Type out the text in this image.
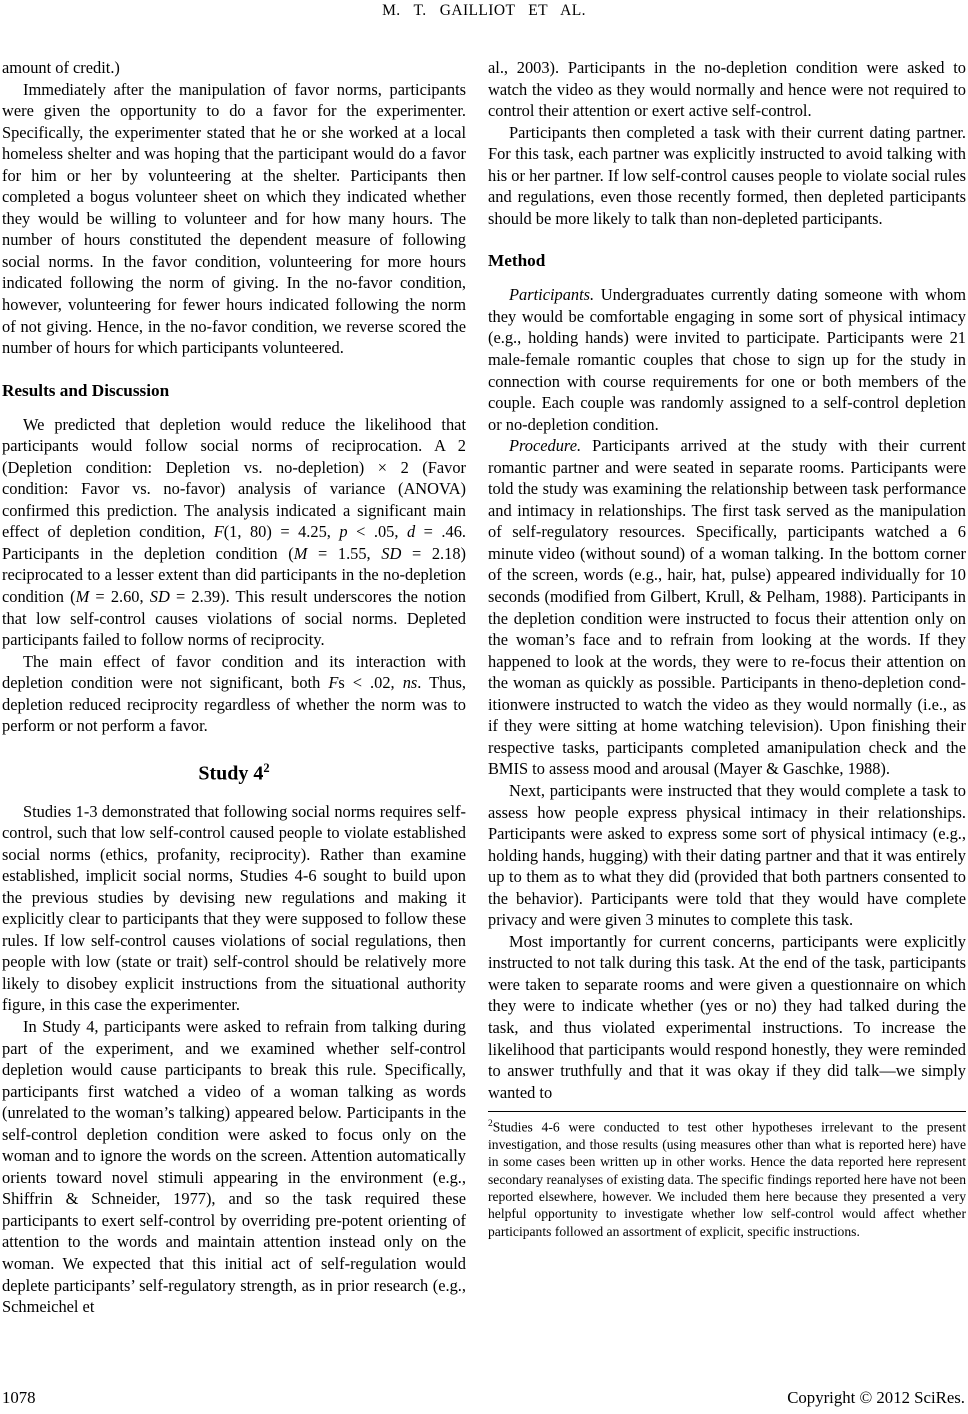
M. T. GAILLIOT ET AL.

amount of credit.)

Immediately after the manipulation of favor norms, participants were given the opportunity to do a favor for the experimenter. Specifically, the experimenter stated that he or she worked at a local homeless shelter and was hoping that the participant would do a favor for him or her by volunteering at the shelter. Participants then completed a bogus volunteer sheet on which they indicated whether they would be willing to volunteer and for how many hours. The number of hours constituted the dependent measure of following social norms. In the favor condition, volunteering for more hours indicated following the norm of giving. In the no-favor condition, however, volunteering for fewer hours indicated following the norm of not giving. Hence, in the no-favor condition, we reverse scored the number of hours for which participants volunteered.

Results and Discussion

We predicted that depletion would reduce the likelihood that participants would follow social norms of reciprocation. A 2 (Depletion condition: Depletion vs. no-depletion) × 2 (Favor condition: Favor vs. no-favor) analysis of variance (ANOVA) confirmed this prediction. The analysis indicated a significant main effect of depletion condition, F(1, 80) = 4.25, p < .05, d = .46. Participants in the depletion condition (M = 1.55, SD = 2.18) reciprocated to a lesser extent than did participants in the no-depletion condition (M = 2.60, SD = 2.39). This result underscores the notion that low self-control causes violations of social norms. Depleted participants failed to follow norms of reciprocity.

The main effect of favor condition and its interaction with depletion condition were not significant, both Fs < .02, ns. Thus, depletion reduced reciprocity regardless of whether the norm was to perform or not perform a favor.

Study $4^2$

Studies 1-3 demonstrated that following social norms requires self-control, such that low self-control caused people to violate established social norms (ethics, profanity, reciprocity). Rather than examine established, implicit social norms, Studies 4-6 sought to build upon the previous studies by devising new regulations and making it explicitly clear to participants that they were supposed to follow these rules. If low self-control causes violations of social regulations, then people with low (state or trait) self-control should be relatively more likely to disobey explicit instructions from the situational authority figure, in this case the experimenter.

In Study 4, participants were asked to refrain from talking during part of the experiment, and we examined whether self-control depletion would cause participants to break this rule. Specifically, participants first watched a video of a woman talking as words (unrelated to the woman’s talking) appeared below. Participants in the self-control depletion condition were asked to focus only on the woman and to ignore the words on the screen. Attention automatically orients toward novel stimuli appearing in the environment (e.g., Shiffrin & Schneider, 1977), and so the task required these participants to exert self-control by overriding pre-potent orienting of attention to the words and maintain attention instead only on the woman. We expected that this initial act of self-regulation would deplete participants’ self-regulatory strength, as in prior research (e.g., Schmeichel et

al., 2003). Participants in the no-depletion condition were asked to watch the video as they would normally and hence were not required to control their attention or exert active self-control.

Participants then completed a task with their current dating partner. For this task, each partner was explicitly instructed to avoid talking with his or her partner. If low self-control causes people to violate social rules and regulations, even those recently formed, then depleted participants should be more likely to talk than non-depleted participants.

Method

Participants. Undergraduates currently dating someone with whom they would be comfortable engaging in some sort of physical intimacy (e.g., holding hands) were invited to participate. Participants were 21 male-female romantic couples that chose to sign up for the study in connection with course requirements for one or both members of the couple. Each couple was randomly assigned to a self-control depletion or no-depletion condition.

Procedure. Participants arrived at the study with their current romantic partner and were seated in separate rooms. Participants were told the study was examining the relationship between task performance and intimacy in relationships. The first task served as the manipulation of self-regulatory resources. Specifically, participants watched a 6 minute video (without sound) of a woman talking. In the bottom corner of the screen, words (e.g., hair, hat, pulse) appeared individually for 10 seconds (modified from Gilbert, Krull, & Pelham, 1988). Participants in the depletion condition were instructed to focus their attention only on the woman’s face and to refrain from looking at the words. If they happened to look at the words, they were to re-focus their attention on the woman as quickly as possible. Participants in theno-depletion cond-itionwere instructed to watch the video as they would normally (i.e., as if they were sitting at home watching television). Upon finishing their respective tasks, participants completed amanipulation check and the BMIS to assess mood and arousal (Mayer & Gaschke, 1988).

Next, participants were instructed that they would complete a task to assess how people express physical intimacy in their relationships. Participants were asked to express some sort of physical intimacy (e.g., holding hands, hugging) with their dating partner and that it was entirely up to them as to what they did (provided that both partners consented to the behavior). Participants were told that they would have complete privacy and were given 3 minutes to complete this task.

Most importantly for current concerns, participants were explicitly instructed to not talk during this task. At the end of the task, participants were taken to separate rooms and were given a questionnaire on which they were to indicate whether (yes or no) they had talked during the task, and thus violated experimental instructions. To increase the likelihood that participants would respond honestly, they were reminded to answer truthfully and that it was okay if they did talk—we simply wanted to

$^2$Studies 4-6 were conducted to test other hypotheses irrelevant to the present investigation, and those results (using measures other than what is reported here) have in some cases been written up in other works. Hence the data reported here represent secondary reanalyses of existing data. The specific findings reported here have not been reported elsewhere, however. We included them here because they presented a very helpful opportunity to investigate whether low self-control would affect whether participants followed an assortment of explicit, specific instructions.
1078	Copyright © 2012 SciRes.
